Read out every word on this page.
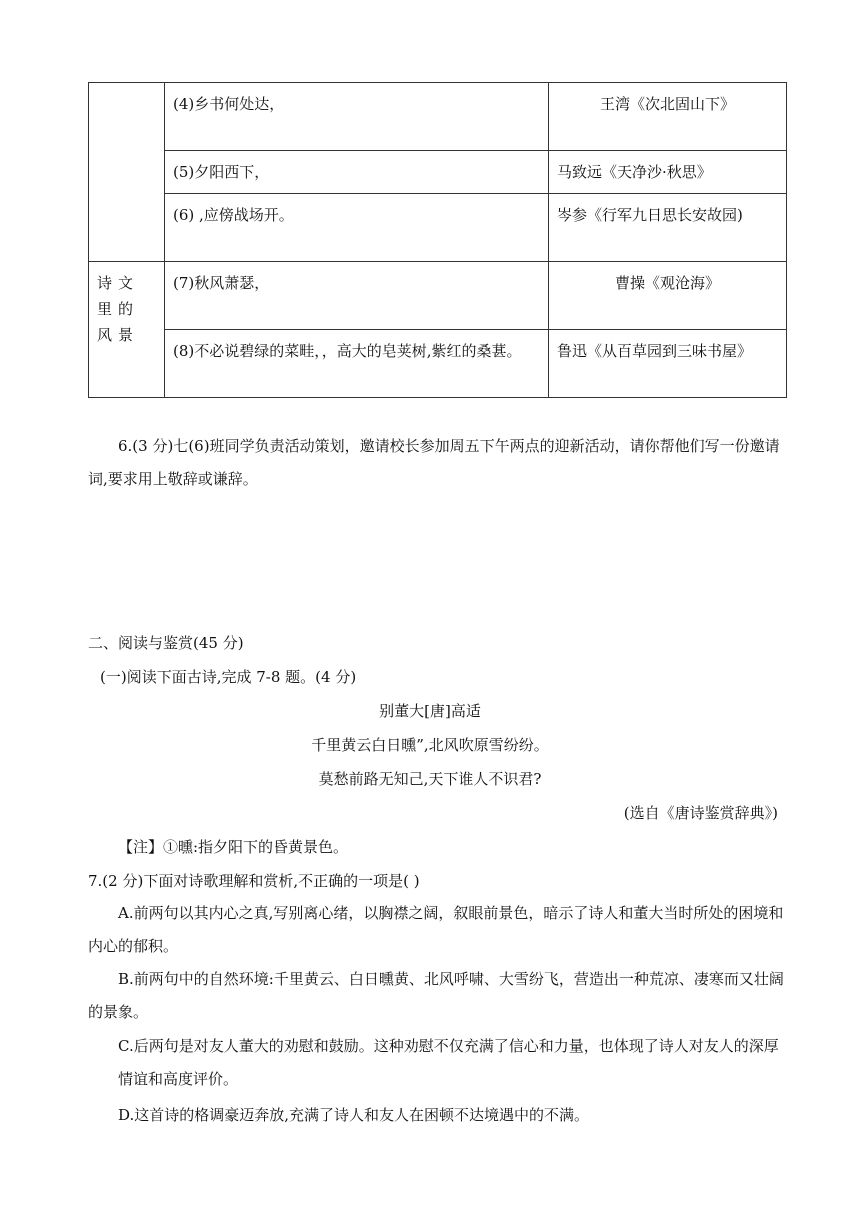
	(4)乡书何处达，	王湾《次北固山下》
	(5)夕阳西下，	马致远《天净沙·秋思》
	(6) ,应傍战场开。	岑参《行军九日思长安故园)
诗文里的风景	(7)秋风萧瑟，	曹操《观沧海》
	(8)不必说碧绿的菜畦，，高大的皂荚树,紫红的桑葚。	鲁迅《从百草园到三味书屋》
6.(3 分)七(6)班同学负责活动策划，邀请校长参加周五下午两点的迎新活动，请你帮他们写一份邀请词,要求用上敬辞或谦辞。
二、阅读与鉴赏(45 分)
(一)阅读下面古诗,完成 7-8 题。(4 分)
别董大[唐]高适
千里黄云白日曛”,北风吹原雪纷纷。
莫愁前路无知己,天下谁人不识君?
(选自《唐诗鉴赏辞典》)
【注】①曛:指夕阳下的昏黄景色。
7.(2 分)下面对诗歌理解和赏析,不正确的一项是( )
A.前两句以其内心之真,写别离心绪，以胸襟之阔，叙眼前景色，暗示了诗人和董大当时所处的困境和内心的郁积。
B.前两句中的自然环境:千里黄云、白日曛黄、北风呼啸、大雪纷飞，营造出一种荒凉、凄寒而又壮阔的景象。
C.后两句是对友人董大的劝慰和鼓励。这种劝慰不仅充满了信心和力量，也体现了诗人对友人的深厚情谊和高度评价。
D.这首诗的格调豪迈奔放,充满了诗人和友人在困顿不达境遇中的不满。
